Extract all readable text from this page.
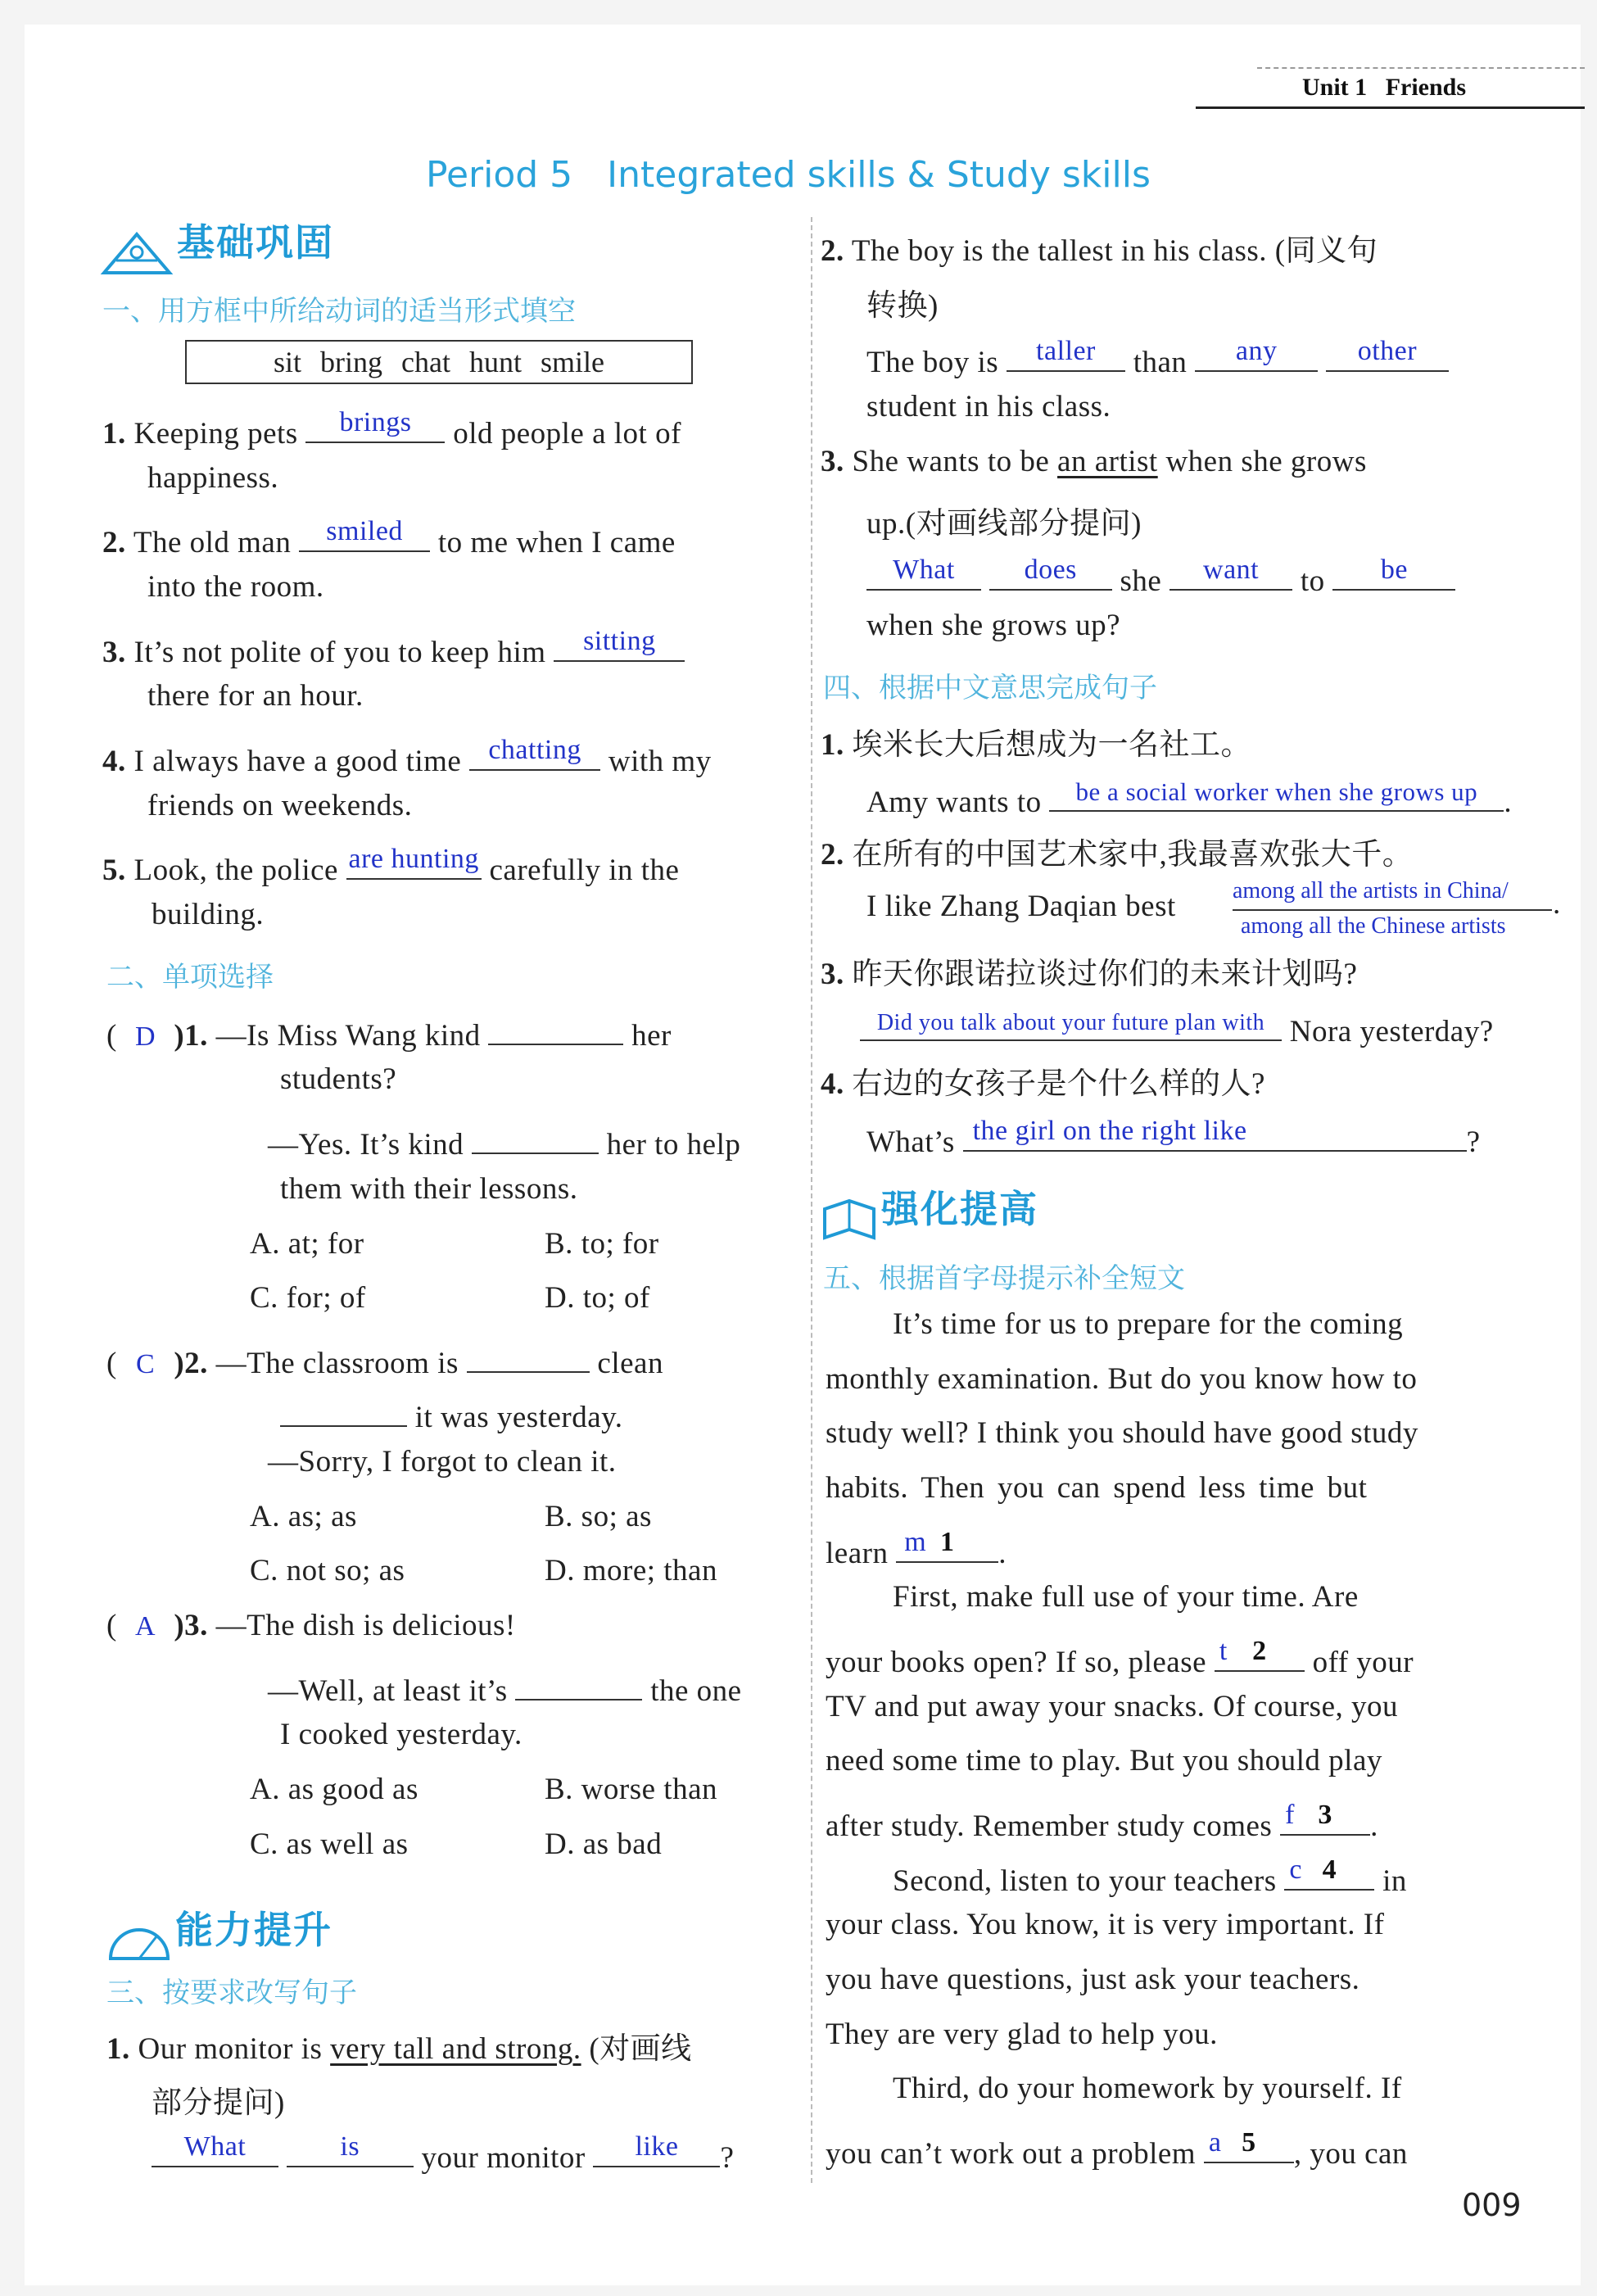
Unit 1 Friends
Period 5 Integrated skills & Study skills
基础巩固
一、用方框中所给动词的适当形式填空
sit bring chat hunt smile
1. Keeping pets	brings	old people a lot of
happiness.
2. The old man	smiled	to me when I came
into the room.
3. It’s not polite of you to keep him	sitting
there for an hour.
4. I always have a good time chatting with my
friends on weekends.
5. Look, the police are hunting carefully in the
building.
二、单项选择
( D )1. —Is Miss Wang kind	her
students?
—Yes. It’s kind	her to help
them with their lessons.
A. at; for	B. to; for
C. for; of	D. to; of
( C )2. —The classroom is	clean
it was yesterday.
—Sorry, I forgot to clean it.
A. as; as	B. so; as
C. not so; as	D. more; than
( A )3. —The dish is delicious!
—Well, at least it’s	the one
I cooked yesterday.
A. as good as	B. worse than
C. as well as	D. as bad
能力提升
三、按要求改写句子
1. Our monitor is very tall and strong. (对画线
部分提问)
What
	is	your monitor	like	?
2. The boy is the tallest in his class. (同义句
转换)
The boy is	taller	than	any
	other
student in his class.
3. She wants to be an artist when she grows
up.(对画线部分提问)
What
	does	she	want	to	be
when she grows up?
四、根据中文意思完成句子
1. 埃米长大后想成为一名社工。
Amy wants to	be a social worker when she grows up .
2. 在所有的中国艺术家中,我最喜欢张大千。
I like Zhang Daqian best among all the artists in China/
among all the Chinese artists
.
3. 昨天你跟诺拉谈过你们的未来计划吗?
Did you talk about your future plan with Nora yesterday?
4. 右边的女孩子是个什么样的人?
What’s the girl on the right like	?
强化提高
五、根据首字母提示补全短文
It’s time for us to prepare for the coming
monthly examination. But do you know how to
study well? I think you should have good study
habits. Then you can spend less time but
learn m 1	.
First, make full use of your time. Are
your books open? If so, please t 2	off your
TV and put away your snacks. Of course, you
need some time to play. But you should play
after study. Remember study comes f 3	.
Second, listen to your teachers c 4	in
your class. You know, it is very important. If
you have questions, just ask your teachers.
They are very glad to help you.
Third, do your homework by yourself. If
you can’t work out a problem a 5	, you can
009
